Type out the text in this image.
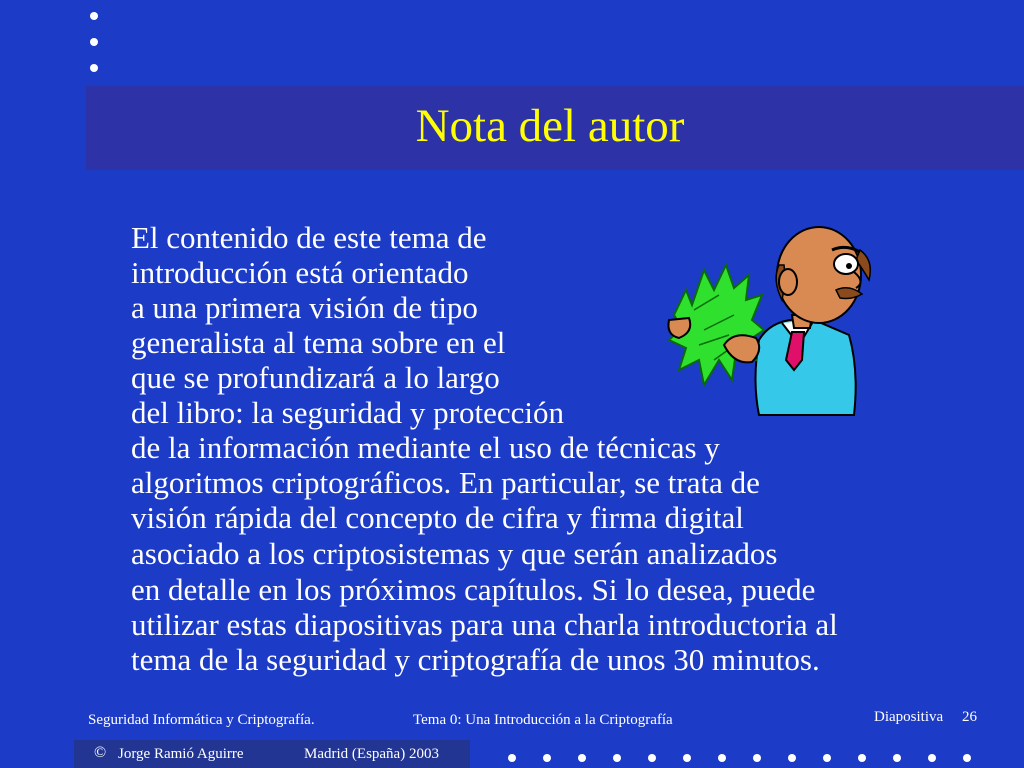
Nota del autor
El contenido de este tema de
introducción está orientado
a una primera visión de tipo
generalista al tema sobre en el
que se profundizará a lo largo
del libro: la seguridad y protección
de la información mediante el uso de técnicas y
algoritmos criptográficos. En particular, se trata de
visión rápida del concepto de cifra y firma digital
asociado a los criptosistemas y que serán analizados
en detalle en los próximos capítulos. Si lo desea, puede
utilizar estas diapositivas para una charla introductoria al
tema de la seguridad y criptografía de unos 30 minutos.
Seguridad Informática y Criptografía.	Tema 0: Una Introducción a la Criptografía	Diapositiva 26
© Jorge Ramió Aguirre	Madrid (España) 2003
